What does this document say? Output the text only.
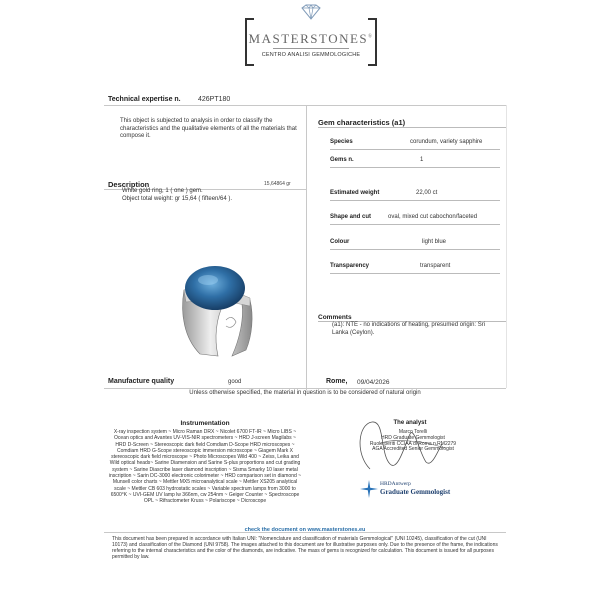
MASTERSTONES®
CENTRO ANALISI GEMMOLOGICHE
Technical expertise n. 426PT180
This object is subjected to analysis in order to classify the characteristics and the qualitative elements of all the materials that compose it.
Description	15,64864 gr
White gold ring, 1 ( one ) gem.
Object total weight: gr 15,64 ( fifteen/64 ).
Gem characteristics (a1)
Species	corundum, variety sapphire
Gems n.	1
Estimated weight	22,00 ct
Shape and cut	oval, mixed cut cabochon/faceted
Colour	light blue
Transparency	transparent
Comments
(a1): NTE - no indications of heating, presumed origin: Sri Lanka (Ceylon).
Manufacture quality	good	Rome, 09/04/2026
Unless otherwise specified, the material in question is to be considered of natural origin
Instrumentation
X-ray inspection system ~ Micro Raman DRX ~ Nicolet 6700 FT-IR ~ Micro LIBS ~ Ocean optics and Avantes UV-VIS-NIR spectrometers ~ HRD J-screen Magilabs ~ HRD D-Screen ~ Stereoscopic dark field Comdiam D-Scope HRD microscopes ~ Comdiam HRD G-Scope stereoscopic immersion microscope ~ Giagem Mark X stereoscopic dark field microscope ~ Photo Microscopes Wild 400 ~ Zeiss, Leika and Wild optical heads~ Sarine Diamension and Sarine S-plus proportions and cut grading system ~ Sarine Diascribe laser diamond inscription ~ Sisma Smarky 10 laser metal inscription ~ Sarin DC-3000 electronic colorimeter ~ HRD comparison set in diamond ~ Munsell color charts ~ Mettler MX5 microanalytical scale ~ Mettler XS205 analytical scale ~ Mettler CB 603 hydrostatic scales ~ Variable spectrum lamps from 3000 to 6500°K ~ UVI-GEM UV lamp lw 366nm, cw 254nm ~ Geiger Counter ~ Spectroscope OPL ~ Rifractometer Kruss ~ Polariscope ~ Dicroscope
The analyst
Marco Torelli
HRD Graduate Gemmologist
Ruolo periti CCIAA di Roma n.RM2279
AGA Accredited Senior Gemmologist
HRDAntwerp
Graduate Gemmologist
check the document on www.masterstones.eu
This document has been prepared in accordance with Italian UNI: "Nomenclature and classification of materials Gemmological" (UNI 10245), classification of the cut (UNI 10173) and classification of the Diamond (UNI 9758). The images attached to this document are for illustrative purposes only. Due to the presence of the frame, the indications referring to the internal characteristics and the color of the diamonds, are indicative. The mass of gems is recognized for calculation. This document is issued for all purposes permitted by law.
